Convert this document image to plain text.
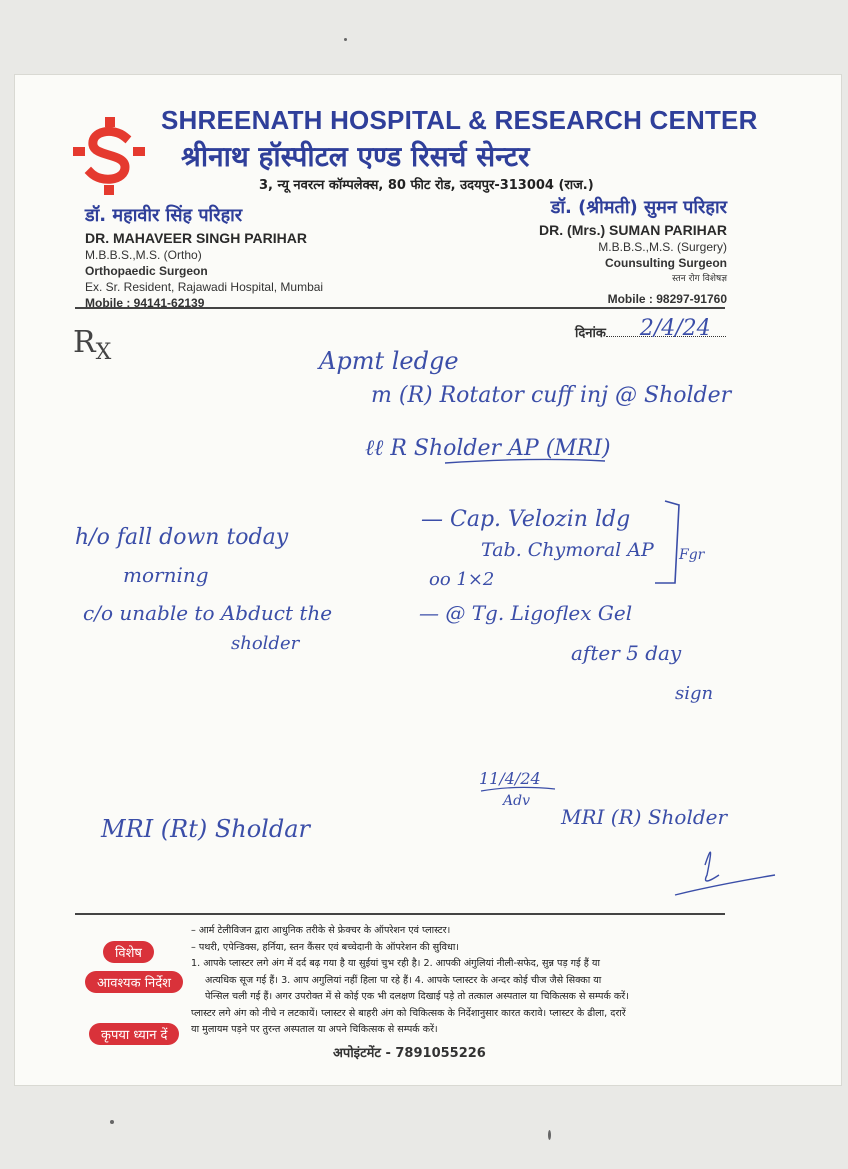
SHREENATH HOSPITAL & RESEARCH CENTER
श्रीनाथ हॉस्पीटल एण्ड रिसर्च सेन्टर
3, न्यू नवरत्न कॉम्पलेक्स, 80 फीट रोड, उदयपुर-313004 (राज.)
डॉ. महावीर सिंह परिहार
DR. MAHAVEER SINGH PARIHAR
M.B.B.S.,M.S. (Ortho)
Orthopaedic Surgeon
Ex. Sr. Resident, Rajawadi Hospital, Mumbai
Mobile : 94141-62139
डॉ. (श्रीमती) सुमन परिहार
DR. (Mrs.) SUMAN PARIHAR
M.B.B.S.,M.S. (Surgery)
Counsulting Surgeon
स्तन रोग विशेषज्ञ
Mobile : 98297-91760
$R_X$
दिनांक 2/4/24
Apmt ledge
m (R) Rotator cuff inj @ Sholder
ℓℓ R Sholder AP (MRI)
h/o fall down today
morning
c/o unable to Abduct the
sholder
— Cap. Velozin ldg
Tab. Chymoral AP
oo 1×2
— @ Tg. Ligoflex Gel
after 5 day
sign
Fgr
11/4/24
Adv
MRI (R) Sholder
MRI (Rt) Sholdar
विशेष
आवश्यक निर्देश
कृपया ध्यान दें
– आर्म टेलीविजन द्वारा आधुनिक तरीके से फ्रेक्चर के ऑपरेशन एवं प्लास्टर।
– पथरी, एपेन्डिक्स, हर्निया, स्तन कैंसर एवं बच्चेदानी के ऑपरेशन की सुविधा।
1. आपके प्लास्टर लगे अंग में दर्द बढ़ गया है या सुईयां चुभ रही है। 2. आपकी अंगुलियां नीली-सफेद, सुन्न पड़ गई हैं या
अत्यधिक सूज गई हैं। 3. आप अगुलियां नहीं हिला पा रहे हैं। 4. आपके प्लास्टर के अन्दर कोई चीज जैसे सिक्का या
पेन्सिल चली गई हैं। अगर उपरोक्त में से कोई एक भी दलक्षण दिखाई पड़े तो तत्काल अस्पताल या चिकित्सक से सम्पर्क करें।
प्लास्टर लगे अंग को नीचे न लटकायें। प्लास्टर से बाहरी अंग को चिकित्सक के निर्देशानुसार कारत करावे। प्लास्टर के ढीला, दरारें
या मुलायम पड़ने पर तुरन्त अस्पताल या अपने चिकित्सक से सम्पर्क करें।
अपोइंटमेंट - 7891055226
